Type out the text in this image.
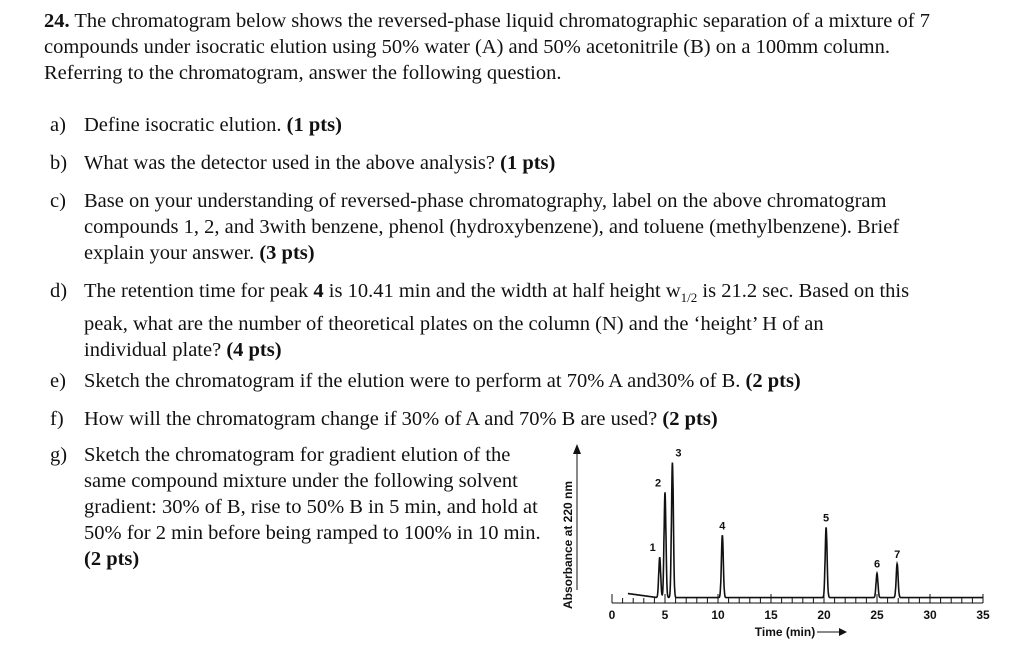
24. The chromatogram below shows the reversed-phase liquid chromatographic separation of a mixture of 7 compounds under isocratic elution using 50% water (A) and 50% acetonitrile (B) on a 100mm column. Referring to the chromatogram, answer the following question.
a) Define isocratic elution. (1 pts)
b) What was the detector used in the above analysis? (1 pts)
c) Base on your understanding of reversed-phase chromatography, label on the above chromatogram compounds 1, 2, and 3with benzene, phenol (hydroxybenzene), and toluene (methylbenzene). Brief explain your answer. (3 pts)
d) The retention time for peak 4 is 10.41 min and the width at half height $w_{1/2}$ is 21.2 sec. Based on this peak, what are the number of theoretical plates on the column (N) and the ‘height’ H of an individual plate? (4 pts)
e) Sketch the chromatogram if the elution were to perform at 70% A and30% of B. (2 pts)
f) How will the chromatogram change if 30% of A and 70% B are used? (2 pts)
g) Sketch the chromatogram for gradient elution of the same compound mixture under the following solvent gradient: 30% of B, rise to 50% B in 5 min, and hold at 50% for 2 min before being ramped to 100% in 10 min. (2 pts)
0	5	10	15	20	25	30	35
1
2
3
4
5
6
7
Absorbance at 220 nm
Time (min)
